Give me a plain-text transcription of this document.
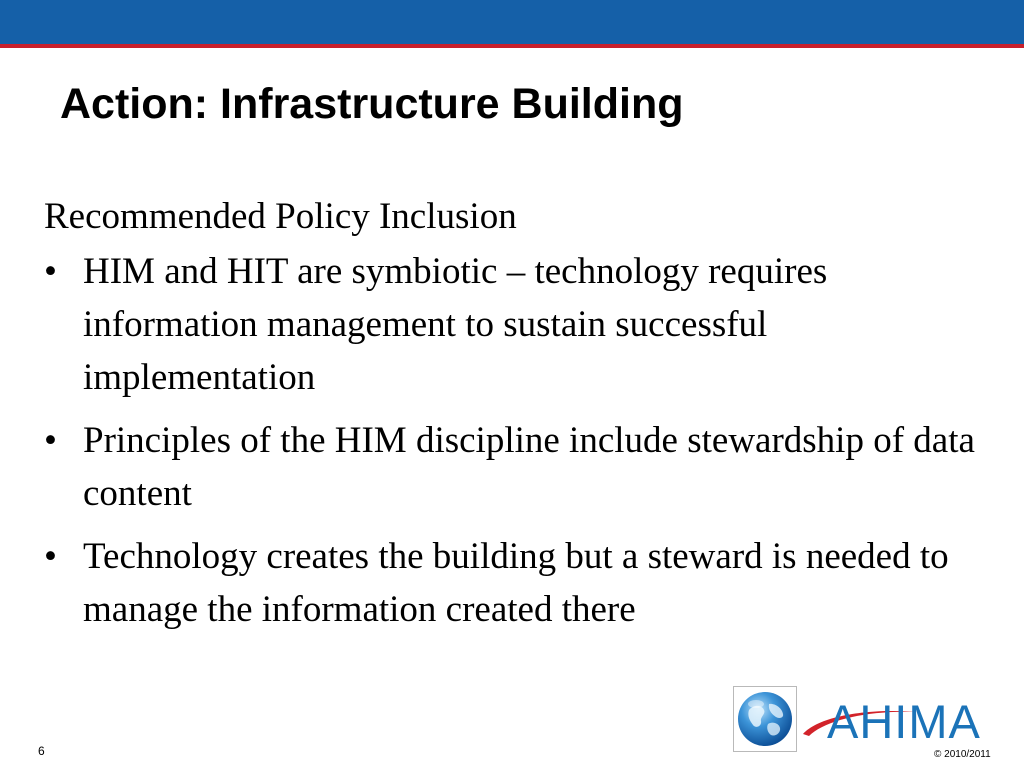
Action: Infrastructure Building

Recommended Policy Inclusion

• HIM and HIT are symbiotic – technology requires information management to sustain successful implementation
• Principles of the HIM discipline include stewardship of data content
• Technology creates the building but a steward is needed to manage the information created there
6
AHIMA
© 2010/2011
